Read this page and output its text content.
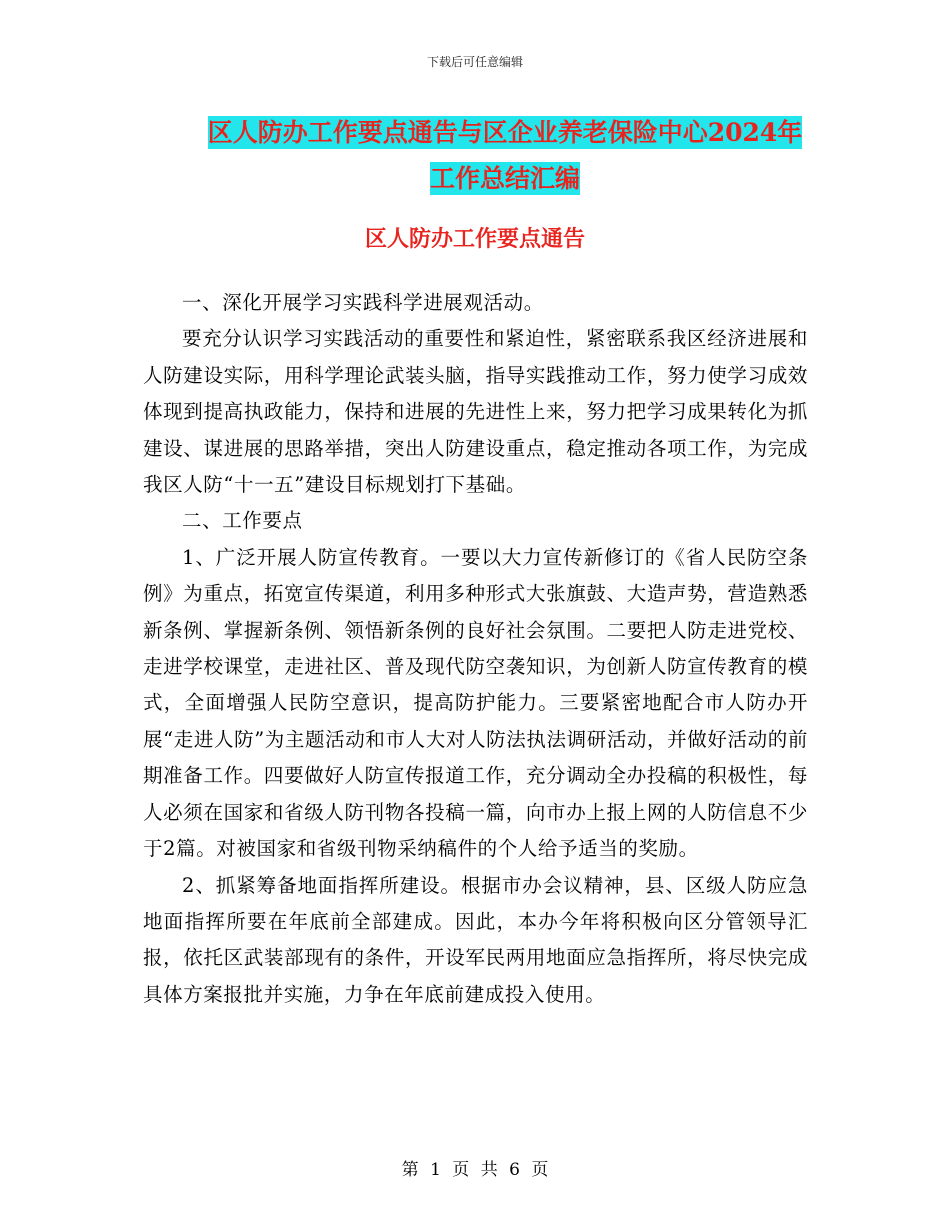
下载后可任意编辑
区人防办工作要点通告与区企业养老保险中心2024年
工作总结汇编
区人防办工作要点通告

一、深化开展学习实践科学进展观活动。

要充分认识学习实践活动的重要性和紧迫性，紧密联系我区经济进展和人防建设实际，用科学理论武装头脑，指导实践推动工作，努力使学习成效体现到提高执政能力，保持和进展的先进性上来，努力把学习成果转化为抓建设、谋进展的思路举措，突出人防建设重点，稳定推动各项工作，为完成我区人防“十一五”建设目标规划打下基础。

二、工作要点

1、广泛开展人防宣传教育。一要以大力宣传新修订的《省人民防空条例》为重点，拓宽宣传渠道，利用多种形式大张旗鼓、大造声势，营造熟悉新条例、掌握新条例、领悟新条例的良好社会氛围。二要把人防走进党校、走进学校课堂，走进社区、普及现代防空袭知识，为创新人防宣传教育的模式，全面增强人民防空意识，提高防护能力。三要紧密地配合市人防办开展“走进人防”为主题活动和市人大对人防法执法调研活动，并做好活动的前期准备工作。四要做好人防宣传报道工作，充分调动全办投稿的积极性，每人必须在国家和省级人防刊物各投稿一篇，向市办上报上网的人防信息不少于2篇。对被国家和省级刊物采纳稿件的个人给予适当的奖励。

2、抓紧筹备地面指挥所建设。根据市办会议精神，县、区级人防应急地面指挥所要在年底前全部建成。因此，本办今年将积极向区分管领导汇报，依托区武装部现有的条件，开设军民两用地面应急指挥所，将尽快完成具体方案报批并实施，力争在年底前建成投入使用。

第 1 页 共 6 页
